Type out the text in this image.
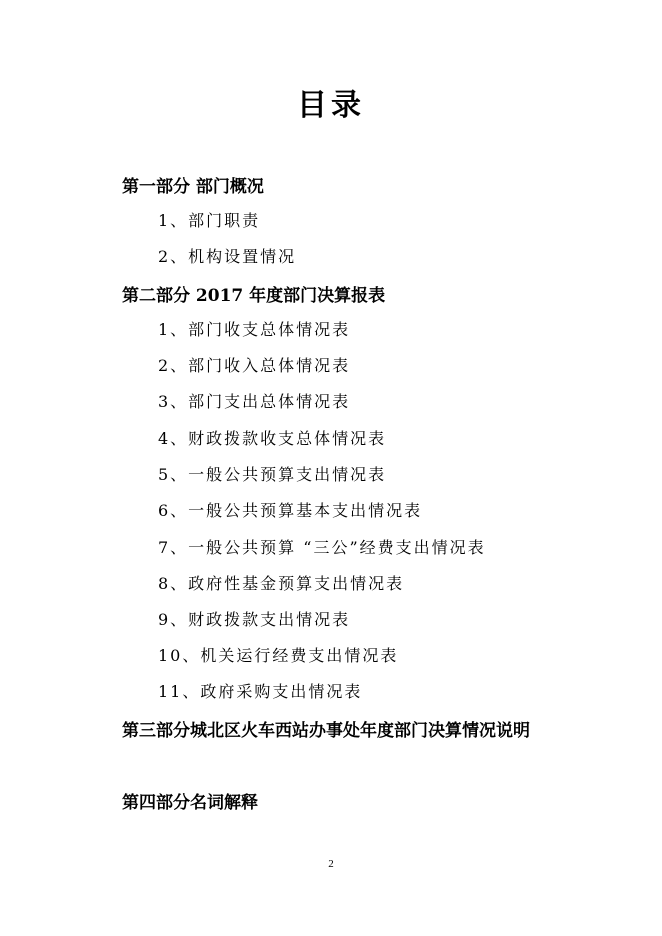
目录
第一部分 部门概况
1、部门职责
2、机构设置情况
第二部分 2017 年度部门决算报表
1、部门收支总体情况表
2、部门收入总体情况表
3、部门支出总体情况表
4、财政拨款收支总体情况表
5、一般公共预算支出情况表
6、一般公共预算基本支出情况表
7、一般公共预算 “三公”经费支出情况表
8、政府性基金预算支出情况表
9、财政拨款支出情况表
10、机关运行经费支出情况表
11、政府采购支出情况表
第三部分城北区火车西站办事处年度部门决算情况说明
第四部分名词解释
2
